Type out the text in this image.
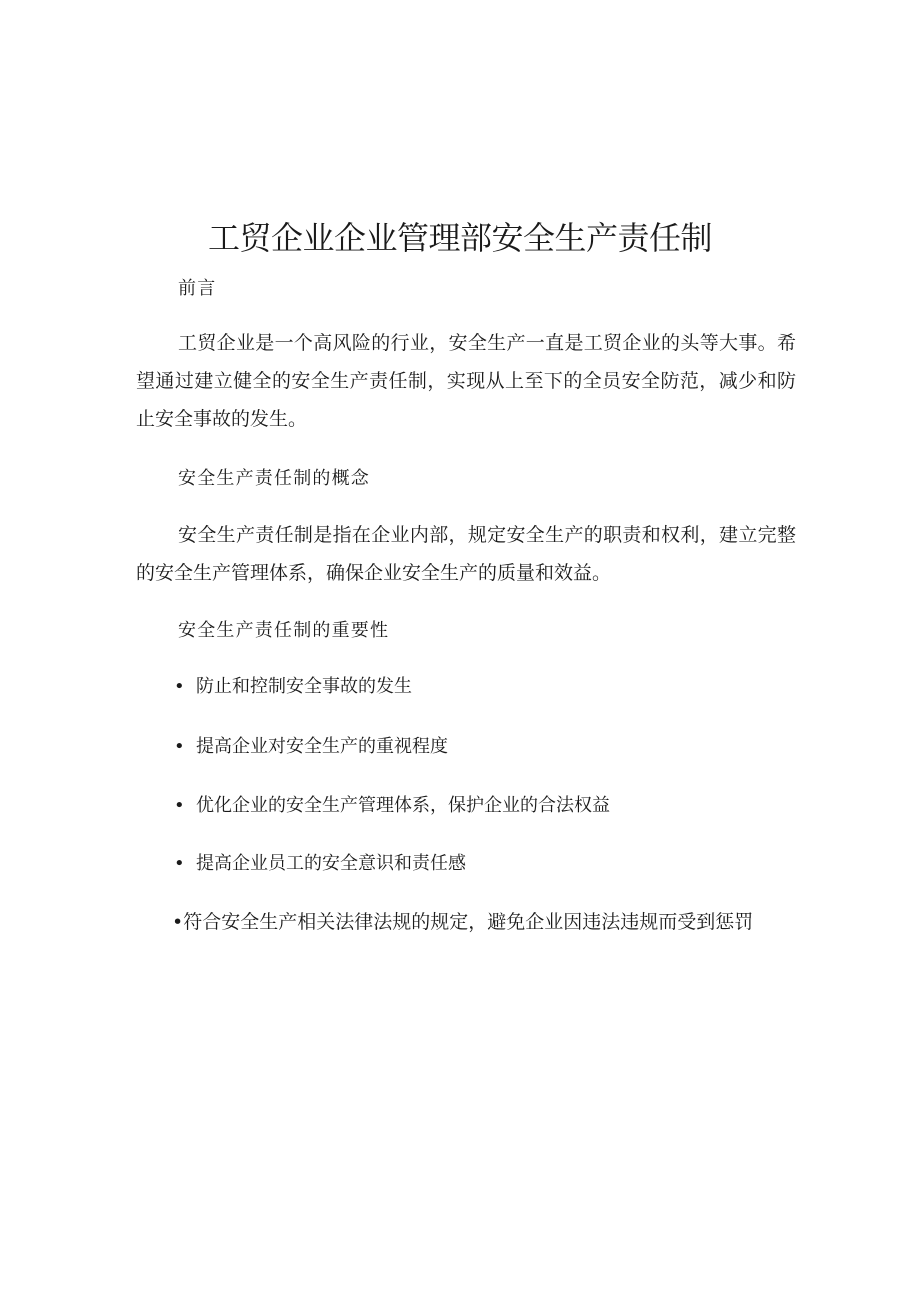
工贸企业企业管理部安全生产责任制

前言

工贸企业是一个高风险的行业，安全生产一直是工贸企业的头等大事。希望通过建立健全的安全生产责任制，实现从上至下的全员安全防范，减少和防止安全事故的发生。

安全生产责任制的概念

安全生产责任制是指在企业内部，规定安全生产的职责和权利，建立完整的安全生产管理体系，确保企业安全生产的质量和效益。

安全生产责任制的重要性

• 防止和控制安全事故的发生

• 提高企业对安全生产的重视程度

• 优化企业的安全生产管理体系，保护企业的合法权益

• 提高企业员工的安全意识和责任感

•符合安全生产相关法律法规的规定，避免企业因违法违规而受到惩罚
